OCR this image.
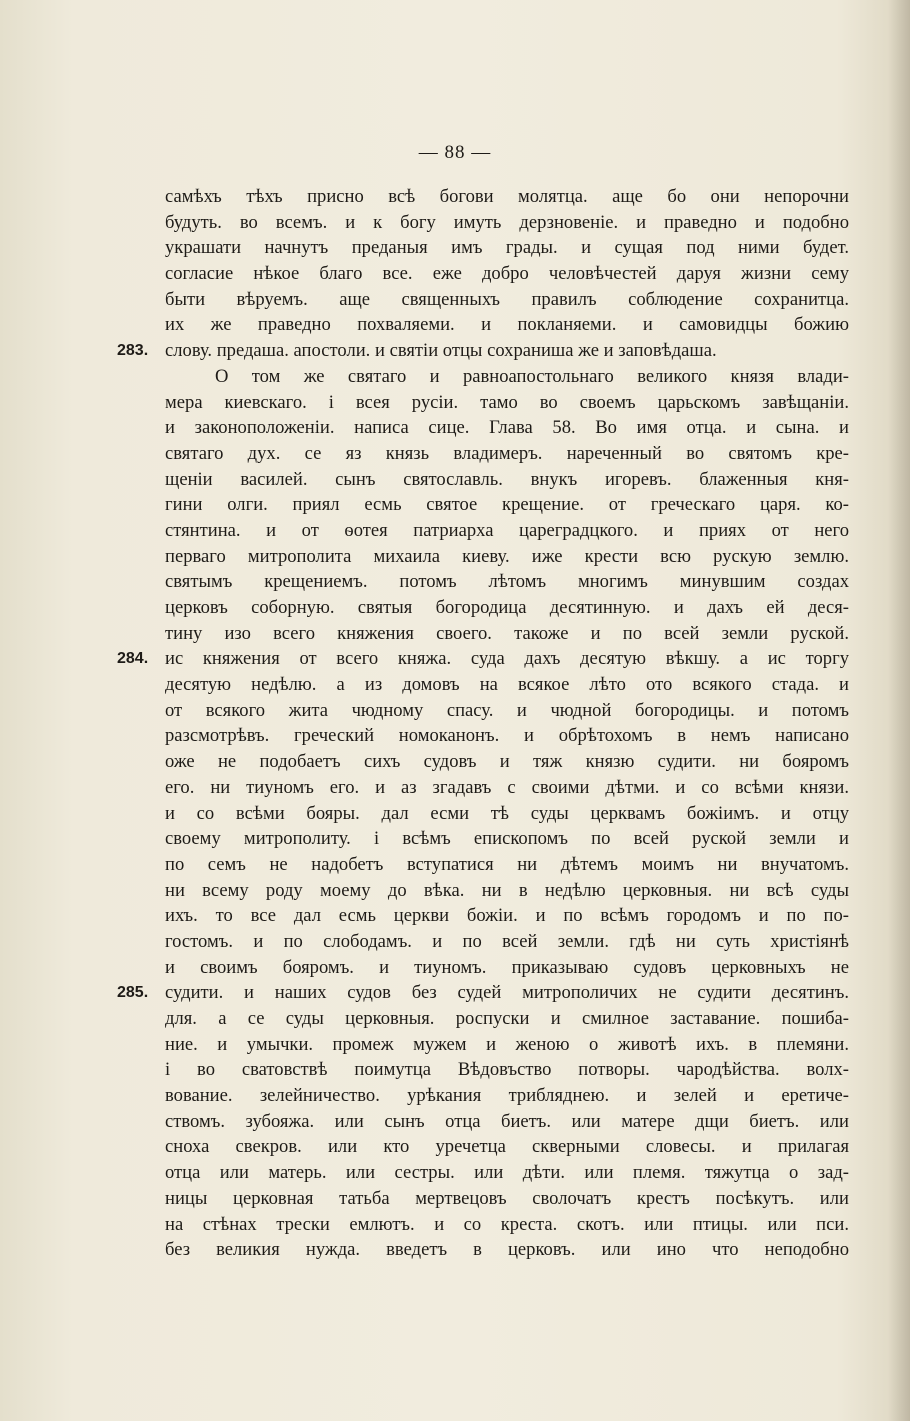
— 88 —
самѣхъ тѣхъ присно всѣ богови молятца. аще бо они непорочни
будуть. во всемъ. и к богу имуть дерзновенiе. и праведно и подобно
украшати начнутъ преданыя имъ грады. и сущая под ними будет.
согласие нѣкое благо все. еже добро человѣчестей даруя жизни сему
быти вѣруемъ. аще священныхъ правилъ соблюдение сохранитца.
их же праведно похваляеми. и покланяеми. и самовидцы божию
283. слову. предаша. апостоли. и святiи отцы сохраниша же и заповѣдаша.
О том же святаго и равноапостольнаго великого князя влади-
мера киевскаго. i всея русiи. тамо во своемъ царьскомъ завѣщанiи.
и законоположенiи. написа сице. Глава 58. Во имя отца. и сына. и
святаго дух. се яз князь владимеръ. нареченный во святомъ кре-
щенiи василей. сынъ святославль. внукъ игоревъ. блаженныя кня-
гини олги. приял есмь святое крещение. от греческаго царя. ко-
стянтина. и от ѳотея патриарха цареградцкого. и приях от него
перваго митрополита михаила киеву. иже крести всю рускую землю.
святымъ крещениемъ. потомъ лѣтомъ многимъ минувшим создах
церковъ соборную. святыя богородица десятинную. и дахъ ей деся-
тину изо всего княжения своего. такоже и по всей земли руской.
284. ис княжения от всего княжа. суда дахъ десятую вѣкшу. а ис торгу
десятую недѣлю. а из домовъ на всякое лѣто ото всякого стада. и
от всякого жита чюдному спасу. и чюдной богородицы. и потомъ
разсмотрѣвъ. греческий номоканонъ. и обрѣтохомъ в немъ написано
оже не подобаетъ сихъ судовъ и тяж князю судити. ни бояромъ
его. ни тиуномъ его. и аз згадавъ с своими дѣтми. и со всѣми князи.
и со всѣми бояры. дал есми тѣ суды церквамъ божiимъ. и отцу
своему митрополиту. i всѣмъ епископомъ по всей руской земли и
по семъ не надобетъ вступатися ни дѣтемъ моимъ ни внучатомъ.
ни всему роду моему до вѣка. ни в недѣлю церковныя. ни всѣ суды
ихъ. то все дал есмь церкви божiи. и по всѣмъ городомъ и по по-
гостомъ. и по слободамъ. и по всей земли. гдѣ ни суть христiянѣ
и своимъ бояромъ. и тиуномъ. приказываю судовъ церковныхъ не
285. судити. и наших судов без судей митрополичих не судити десятинъ.
для. а се суды церковныя. роспуски и смилное заставание. пошиба-
ние. и умычки. промеж мужем и женою о животѣ ихъ. в племяни.
i во сватовствѣ поимутца Вѣдовъство потворы. чародѣйства. волх-
вование. зелейничество. урѣкания трибляднею. и зелей и еретиче-
ствомъ. зубояжа. или сынъ отца биетъ. или матере дщи биетъ. или
сноха свекров. или кто уречетца скверными словесы. и прилагая
отца или матерь. или сестры. или дѣти. или племя. тяжутца о зад-
ницы церковная татьба мертвецовъ сволочатъ крестъ посѣкутъ. или
на стѣнах трески емлютъ. и со креста. скотъ. или птицы. или пси.
без великия нужда. введетъ в церковъ. или ино что неподобно
